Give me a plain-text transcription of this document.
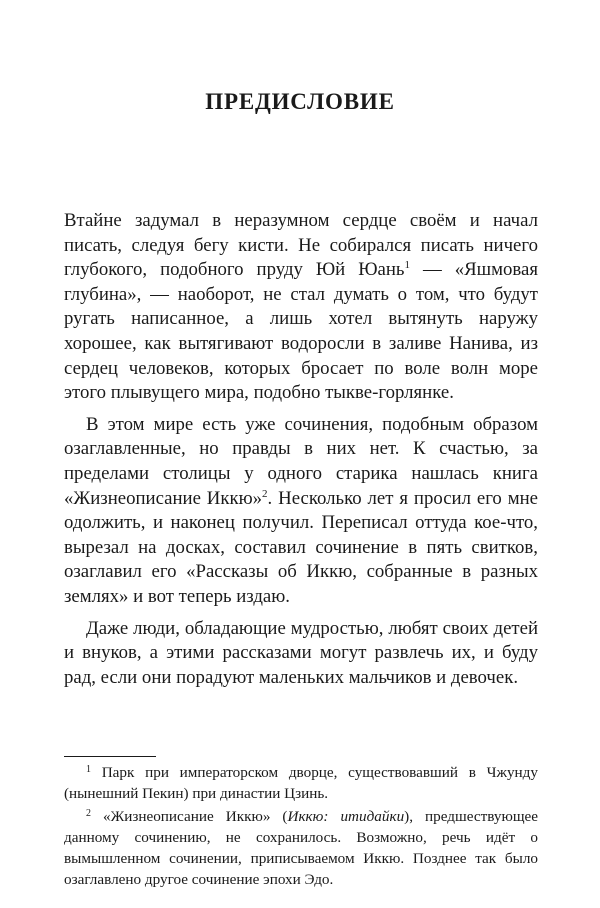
ПРЕДИСЛОВИЕ

Втайне задумал в неразумном сердце своём и начал писать, следуя бегу кисти. Не собирался писать ничего глубокого, подобного пруду Юй Юань$^1$ — «Яшмовая глубина», — наоборот, не стал думать о том, что будут ругать написанное, а лишь хотел вытянуть наружу хорошее, как вытягивают водоросли в заливе Нанива, из сердец человеков, которых бросает по воле волн море этого плывущего мира, подобно тыкве-горлянке.

В этом мире есть уже сочинения, подобным образом озаглавленные, но правды в них нет. К счастью, за пределами столицы у одного старика нашлась книга «Жизнеописание Иккю»$^2$. Несколько лет я просил его мне одолжить, и наконец получил. Переписал оттуда кое-что, вырезал на досках, составил сочинение в пять свитков, озаглавил его «Рассказы об Иккю, собранные в разных землях» и вот теперь издаю.

Даже люди, обладающие мудростью, любят своих детей и внуков, а этими рассказами могут развлечь их, и буду рад, если они порадуют маленьких мальчиков и девочек.

$^1$ Парк при императорском дворце, существовавший в Чжунду (нынешний Пекин) при династии Цзинь.

$^2$ «Жизнеописание Иккю» (Иккю: итидайки), предшествующее данному сочинению, не сохранилось. Возможно, речь идёт о вымышленном сочинении, приписываемом Иккю. Позднее так было озаглавлено другое сочинение эпохи Эдо.
